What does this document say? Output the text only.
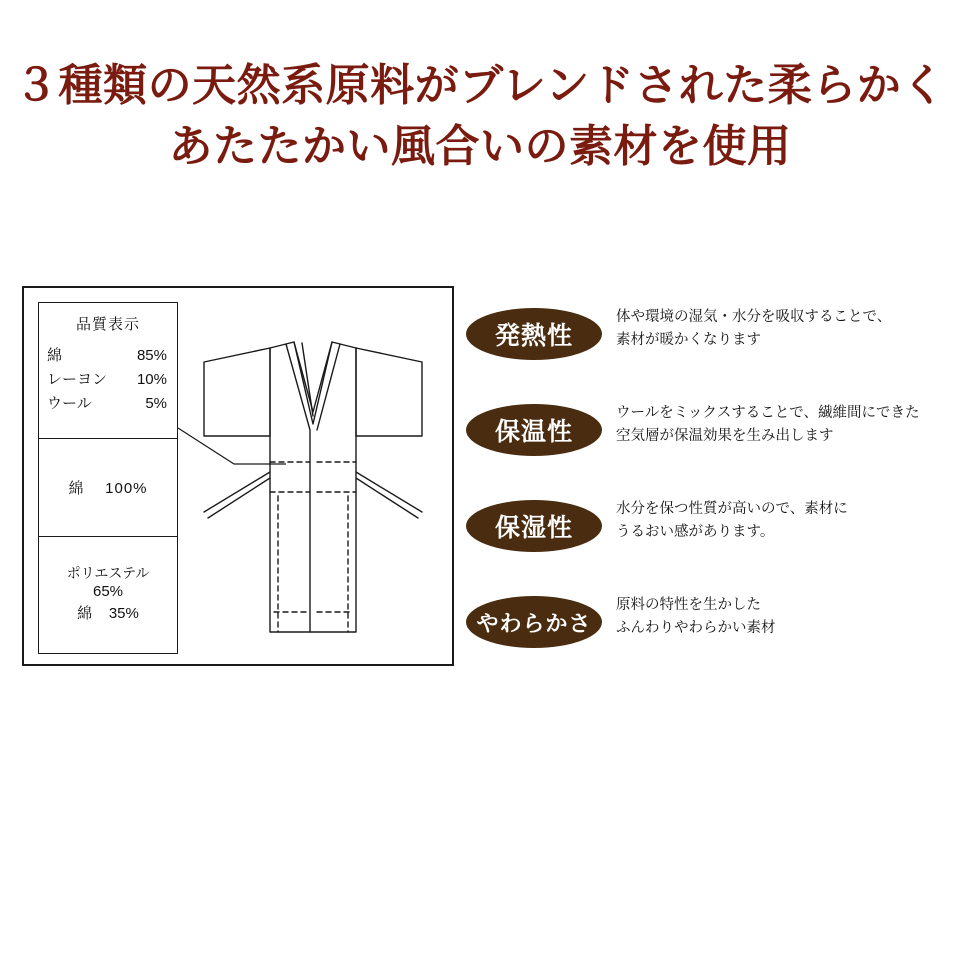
３種類の天然系原料がブレンドされた柔らかく
あたたかい風合いの素材を使用
品質表示
綿	85%
レーヨン 10%
ウール	5%
綿 100%
ポリエステル
65%
綿 35%
発熱性
体や環境の湿気・水分を吸収することで、
素材が暖かくなります
保温性
ウールをミックスすることで、繊維間にできた
空気層が保温効果を生み出します
保湿性
水分を保つ性質が高いので、素材に
うるおい感があります。
やわらかさ
原料の特性を生かした
ふんわりやわらかい素材
